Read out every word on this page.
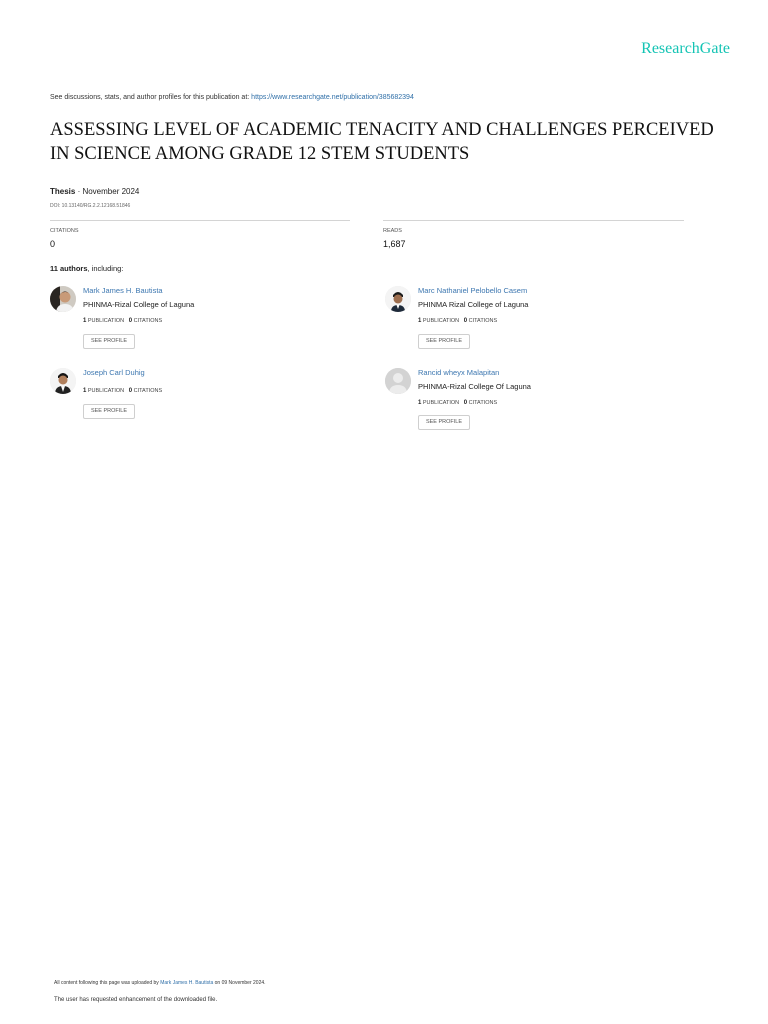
ResearchGate
See discussions, stats, and author profiles for this publication at: https://www.researchgate.net/publication/385682394
ASSESSING LEVEL OF ACADEMIC TENACITY AND CHALLENGES PERCEIVED IN SCIENCE AMONG GRADE 12 STEM STUDENTS
Thesis · November 2024
DOI: 10.13140/RG.2.2.12168.51846
CITATIONS
0
READS
1,687
11 authors, including:
Mark James H. Bautista
PHINMA-Rizal College of Laguna
1 PUBLICATION 0 CITATIONS
SEE PROFILE
Marc Nathaniel Pelobello Casem
PHINMA Rizal College of Laguna
1 PUBLICATION 0 CITATIONS
SEE PROFILE
Joseph Carl Duhig
1 PUBLICATION 0 CITATIONS
SEE PROFILE
Rancid wheyx Malapitan
PHINMA-Rizal College Of Laguna
1 PUBLICATION 0 CITATIONS
SEE PROFILE
All content following this page was uploaded by Mark James H. Bautista on 09 November 2024.
The user has requested enhancement of the downloaded file.
